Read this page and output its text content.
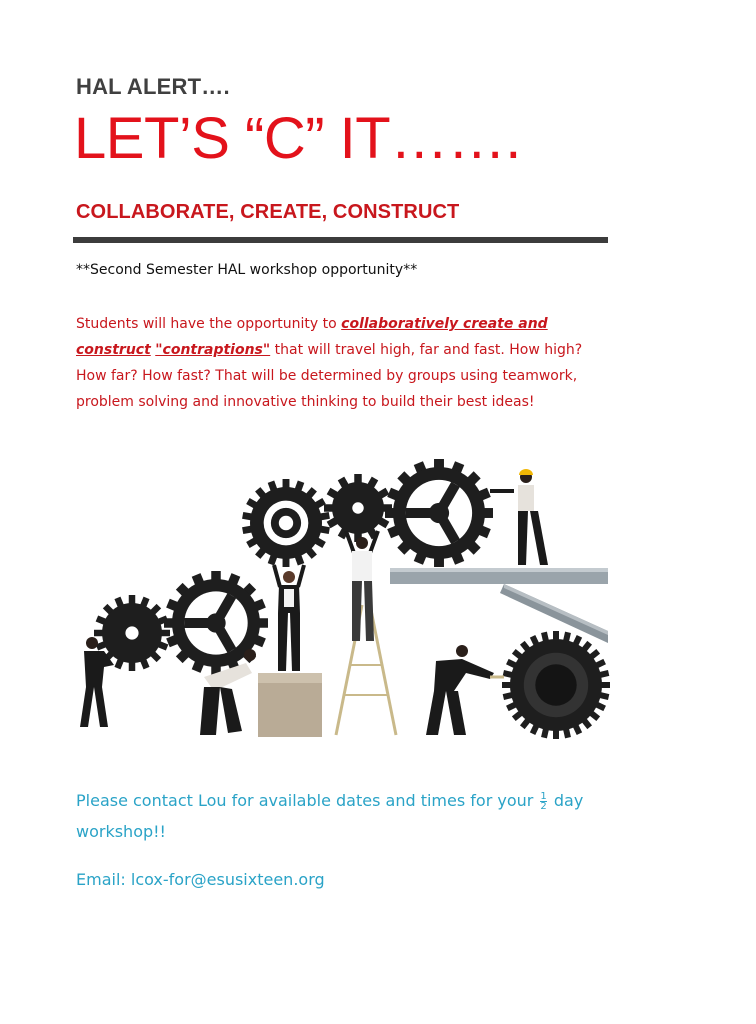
HAL ALERT….
LET’S “C” IT…….
COLLABORATE, CREATE, CONSTRUCT
**Second Semester HAL workshop opportunity**
Students will have the opportunity to collaboratively create and construct "contraptions" that will travel high, far and fast. How high? How far? How fast? That will be determined by groups using teamwork, problem solving and innovative thinking to build their best ideas!
Please contact Lou for available dates and times for your $\frac{1}{2}$ day workshop!!
Email: lcox-for@esusixteen.org
